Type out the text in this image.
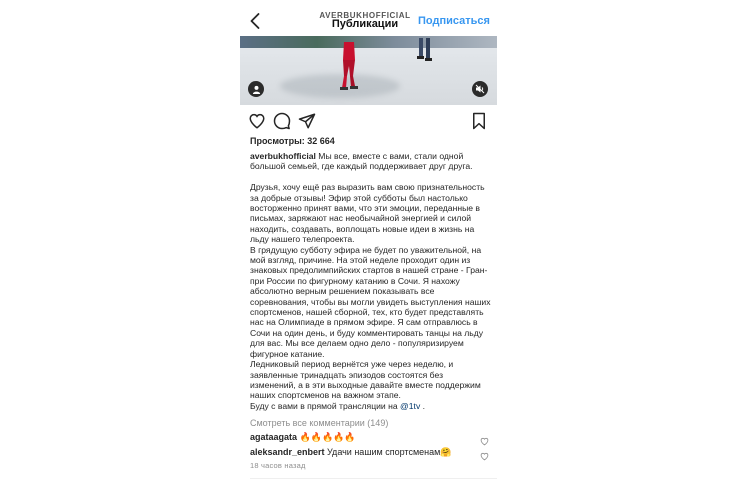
AVERBUKHOFFICIAL
Публикации	Подписаться
Просмотры: 32 664

averbukhofficial Мы все, вместе с вами, стали одной большой семьей, где каждый поддерживает друг друга.

Друзья, хочу ещё раз выразить вам свою признательность за добрые отзывы! Эфир этой субботы был настолько восторженно принят вами, что эти эмоции, переданные в письмах, заряжают нас необычайной энергией и силой находить, создавать, воплощать новые идеи в жизнь на льду нашего телепроекта.

В грядущую субботу эфира не будет по уважительной, на мой взгляд, причине. На этой неделе проходит один из знаковых предолимпийских стартов в нашей стране - Гран-при России по фигурному катанию в Сочи. Я нахожу абсолютно верным решением показывать все соревнования, чтобы вы могли увидеть выступления наших спортсменов, нашей сборной, тех, кто будет представлять нас на Олимпиаде в прямом эфире. Я сам отправлюсь в Сочи на один день, и буду комментировать танцы на льду для вас. Мы все делаем одно дело - популяризируем фигурное катание.

Ледниковый период вернётся уже через неделю, и заявленные тринадцать эпизодов состоятся без изменений, а в эти выходные давайте вместе поддержим наших спортсменов на важном этапе.

Буду с вами в прямой трансляции на @1tv .

Смотреть все комментарии (149)
agataagata 🔥🔥🔥🔥🔥
aleksandr_enbert Удачи нашим спортсменам🤗
18 часов назад
